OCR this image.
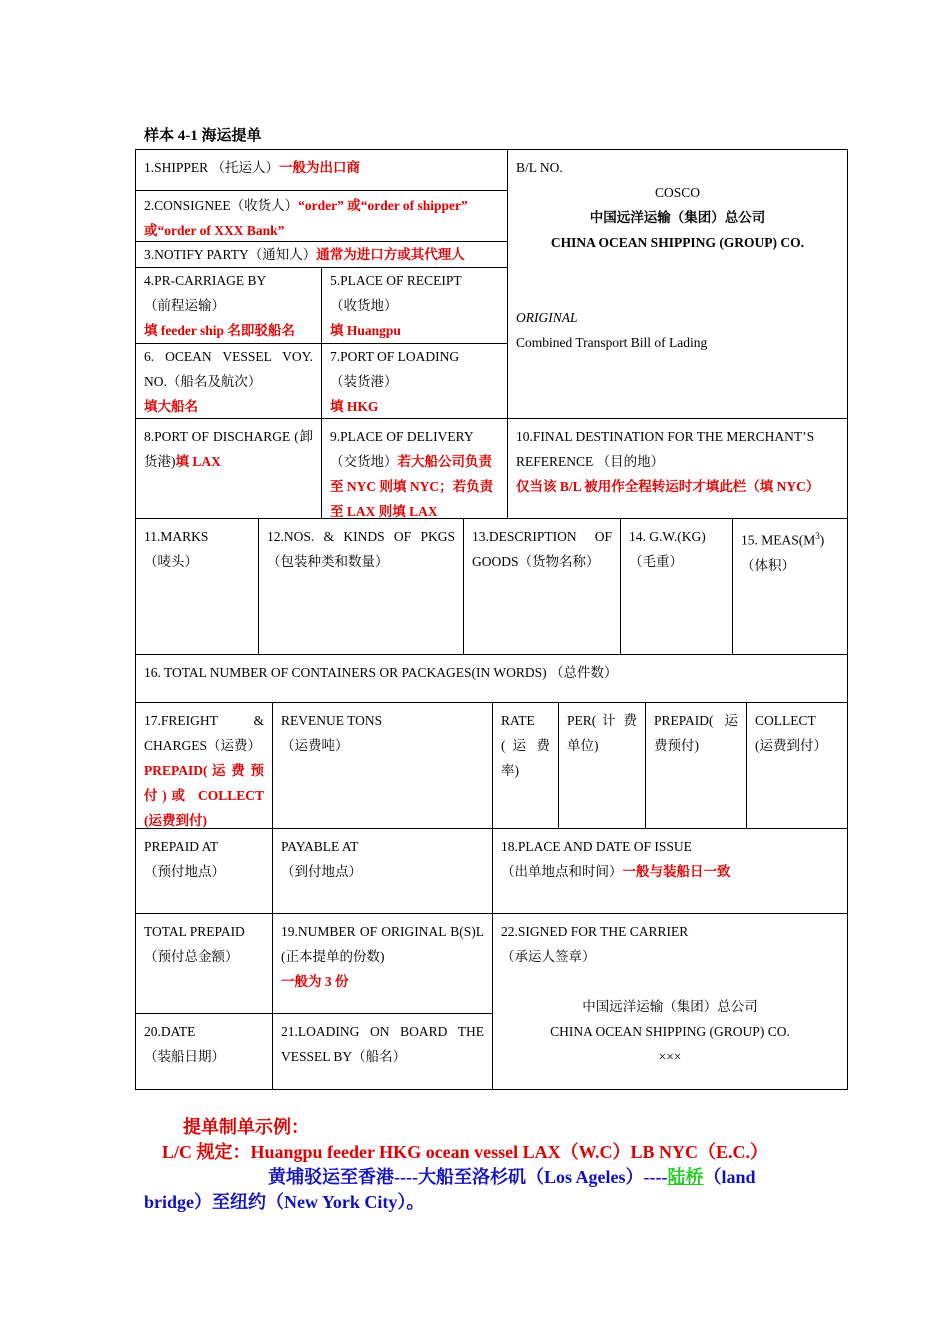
样本 4-1 海运提单
1.SHIPPER （托运人）一般为出口商
2.CONSIGNEE（收货人）“order” 或“order of shipper” 或“order of XXX Bank”
3.NOTIFY PARTY（通知人）通常为进口方或其代理人
4.PR-CARRIAGE BY
（前程运输）
填 feeder ship 名即驳船名
5.PLACE OF RECEIPT
（收货地）
填 Huangpu
6. OCEAN VESSEL VOY. NO.（船名及航次）
填大船名
7.PORT OF LOADING
（装货港）
填 HKG
B/L NO.
COSCO
中国远洋运输（集团）总公司
CHINA OCEAN SHIPPING (GROUP) CO.
ORIGINAL
Combined Transport Bill of Lading
8.PORT OF DISCHARGE (卸货港)填 LAX
9.PLACE OF DELIVERY （交货地）若大船公司负责至 NYC 则填 NYC；若负责至 LAX 则填 LAX
10.FINAL DESTINATION FOR THE MERCHANT’S REFERENCE （目的地）
仅当该 B/L 被用作全程转运时才填此栏（填 NYC）
11.MARKS
（唛头）
12.NOS. & KINDS OF PKGS （包装种类和数量）
13.DESCRIPTION OF GOODS（货物名称）
14. G.W.(KG)
（毛重）
15. $MEAS(M^3)$
（体积）
16. TOTAL NUMBER OF CONTAINERS OR PACKAGES(IN WORDS) （总件数）
17.FREIGHT & CHARGES（运费）
PREPAID( 运 费 预付)或 COLLECT (运费到付)
REVENUE TONS
（运费吨）
RATE
( 运 费 率)
PER( 计 费 单位)
PREPAID( 运 费预付)
COLLECT
(运费到付）
PREPAID AT
（预付地点）
PAYABLE AT
（到付地点）
18.PLACE AND DATE OF ISSUE
（出单地点和时间）一般与装船日一致
TOTAL PREPAID
（预付总金额）
19.NUMBER OF ORIGINAL B(S)L (正本提单的份数)
一般为 3 份
22.SIGNED FOR THE CARRIER
（承运人签章）
中国远洋运输（集团）总公司
CHINA OCEAN SHIPPING (GROUP) CO.
×××
20.DATE
（装船日期）
21.LOADING ON BOARD THE VESSEL BY（船名）
提单制单示例：
L/C 规定：Huangpu feeder HKG ocean vessel LAX（W.C）LB NYC（E.C.）
黄埔驳运至香港----大船至洛杉矶（Los Ageles）----陆桥（land
bridge）至纽约（New York City）。
